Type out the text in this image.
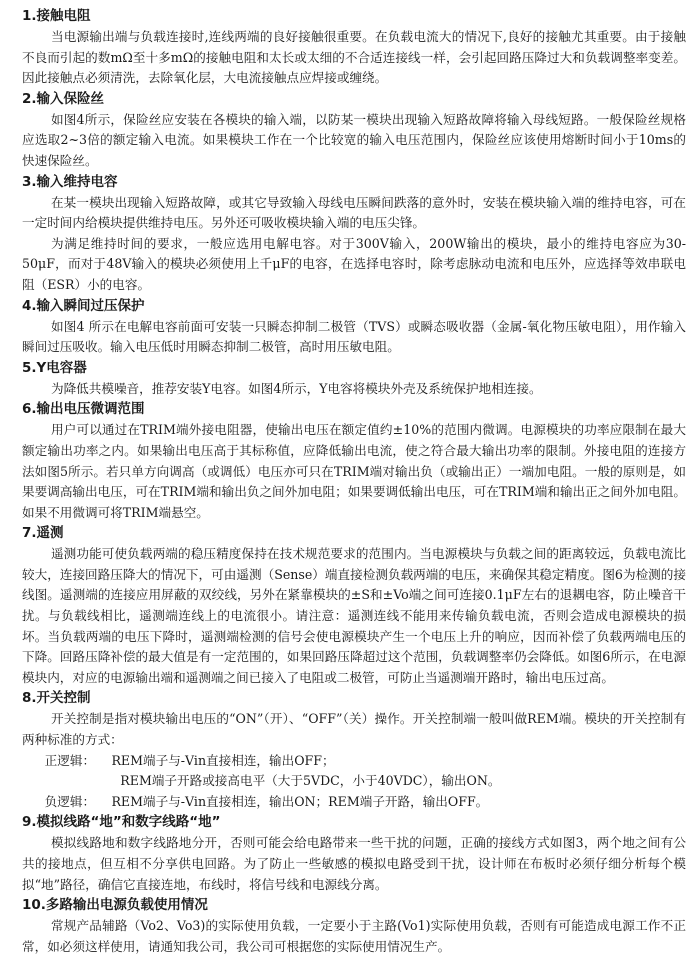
1.接触电阻

当电源输出端与负载连接时,连线两端的良好接触很重要。在负载电流大的情况下,良好的接触尤其重要。由于接触不良而引起的数mΩ至十多mΩ的接触电阻和太长或太细的不合适连接线一样，会引起回路压降过大和负载调整率变差。因此接触点必须清洗，去除氧化层，大电流接触点应焊接或缠绕。

2.输入保险丝

如图4所示，保险丝应安装在各模块的输入端，以防某一模块出现输入短路故障将输入母线短路。一般保险丝规格应选取2~3倍的额定输入电流。如果模块工作在一个比较宽的输入电压范围内，保险丝应该使用熔断时间小于10ms的快速保险丝。

3.输入维持电容

在某一模块出现输入短路故障，或其它导致输入母线电压瞬间跌落的意外时，安装在模块输入端的维持电容，可在一定时间内给模块提供维持电压。另外还可吸收模块输入端的电压尖锋。

为满足维持时间的要求，一般应选用电解电容。对于300V输入，200W输出的模块，最小的维持电容应为30-50μF，而对于48V输入的模块必须使用上千μF的电容，在选择电容时，除考虑脉动电流和电压外，应选择等效串联电阻（ESR）小的电容。

4.输入瞬间过压保护

如图4 所示在电解电容前面可安装一只瞬态抑制二极管（TVS）或瞬态吸收器（金属-氧化物压敏电阻），用作输入瞬间过压吸收。输入电压低时用瞬态抑制二极管，高时用压敏电阻。

5.Y电容器

为降低共模噪音，推荐安装Y电容。如图4所示，Y电容将模块外壳及系统保护地相连接。

6.输出电压微调范围

用户可以通过在TRIM端外接电阻器，使输出电压在额定值约±10%的范围内微调。电源模块的功率应限制在最大额定输出功率之内。如果输出电压高于其标称值，应降低输出电流，使之符合最大输出功率的限制。外接电阻的连接方法如图5所示。若只单方向调高（或调低）电压亦可只在TRIM端对输出负（或输出正）一端加电阻。一般的原则是，如果要调高输出电压，可在TRIM端和输出负之间外加电阻；如果要调低输出电压，可在TRIM端和输出正之间外加电阻。如果不用微调可将TRIM端悬空。

7.遥测

遥测功能可使负载两端的稳压精度保持在技术规范要求的范围内。当电源模块与负载之间的距离较远，负载电流比较大，连接回路压降大的情况下，可由遥测（Sense）端直接检测负载两端的电压，来确保其稳定精度。图6为检测的接线图。遥测端的连接应用屏蔽的双绞线，另外在紧靠模块的±S和±Vo端之间可连接0.1μF左右的退耦电容，防止噪音干扰。与负载线相比，遥测端连线上的电流很小。请注意：遥测连线不能用来传输负载电流，否则会造成电源模块的损坏。当负载两端的电压下降时，遥测端检测的信号会使电源模块产生一个电压上升的响应，因而补偿了负载两端电压的下降。回路压降补偿的最大值是有一定范围的，如果回路压降超过这个范围，负载调整率仍会降低。如图6所示，在电源模块内，对应的电源输出端和遥测端之间已接入了电阻或二极管，可防止当遥测端开路时，输出电压过高。

8.开关控制

开关控制是指对模块输出电压的“ON”（开）、“OFF”（关）操作。开关控制端一般叫做REM端。模块的开关控制有两种标准的方式：

正逻辑： REM端子与-Vin直接相连，输出OFF；

REM端子开路或接高电平（大于5VDC，小于40VDC），输出ON。

负逻辑： REM端子与-Vin直接相连，输出ON；REM端子开路，输出OFF。

9.模拟线路“地”和数字线路“地”

模拟线路地和数字线路地分开，否则可能会给电路带来一些干扰的问题，正确的接线方式如图3，两个地之间有公共的接地点，但互相不分享供电回路。为了防止一些敏感的模拟电路受到干扰，设计师在布板时必须仔细分析每个模拟“地”路径，确信它直接连地，布线时，将信号线和电源线分离。

10.多路输出电源负载使用情况

常规产品辅路（Vo2、Vo3)的实际使用负载，一定要小于主路(Vo1)实际使用负载，否则有可能造成电源工作不正常，如必须这样使用，请通知我公司，我公司可根据您的实际使用情况生产。
